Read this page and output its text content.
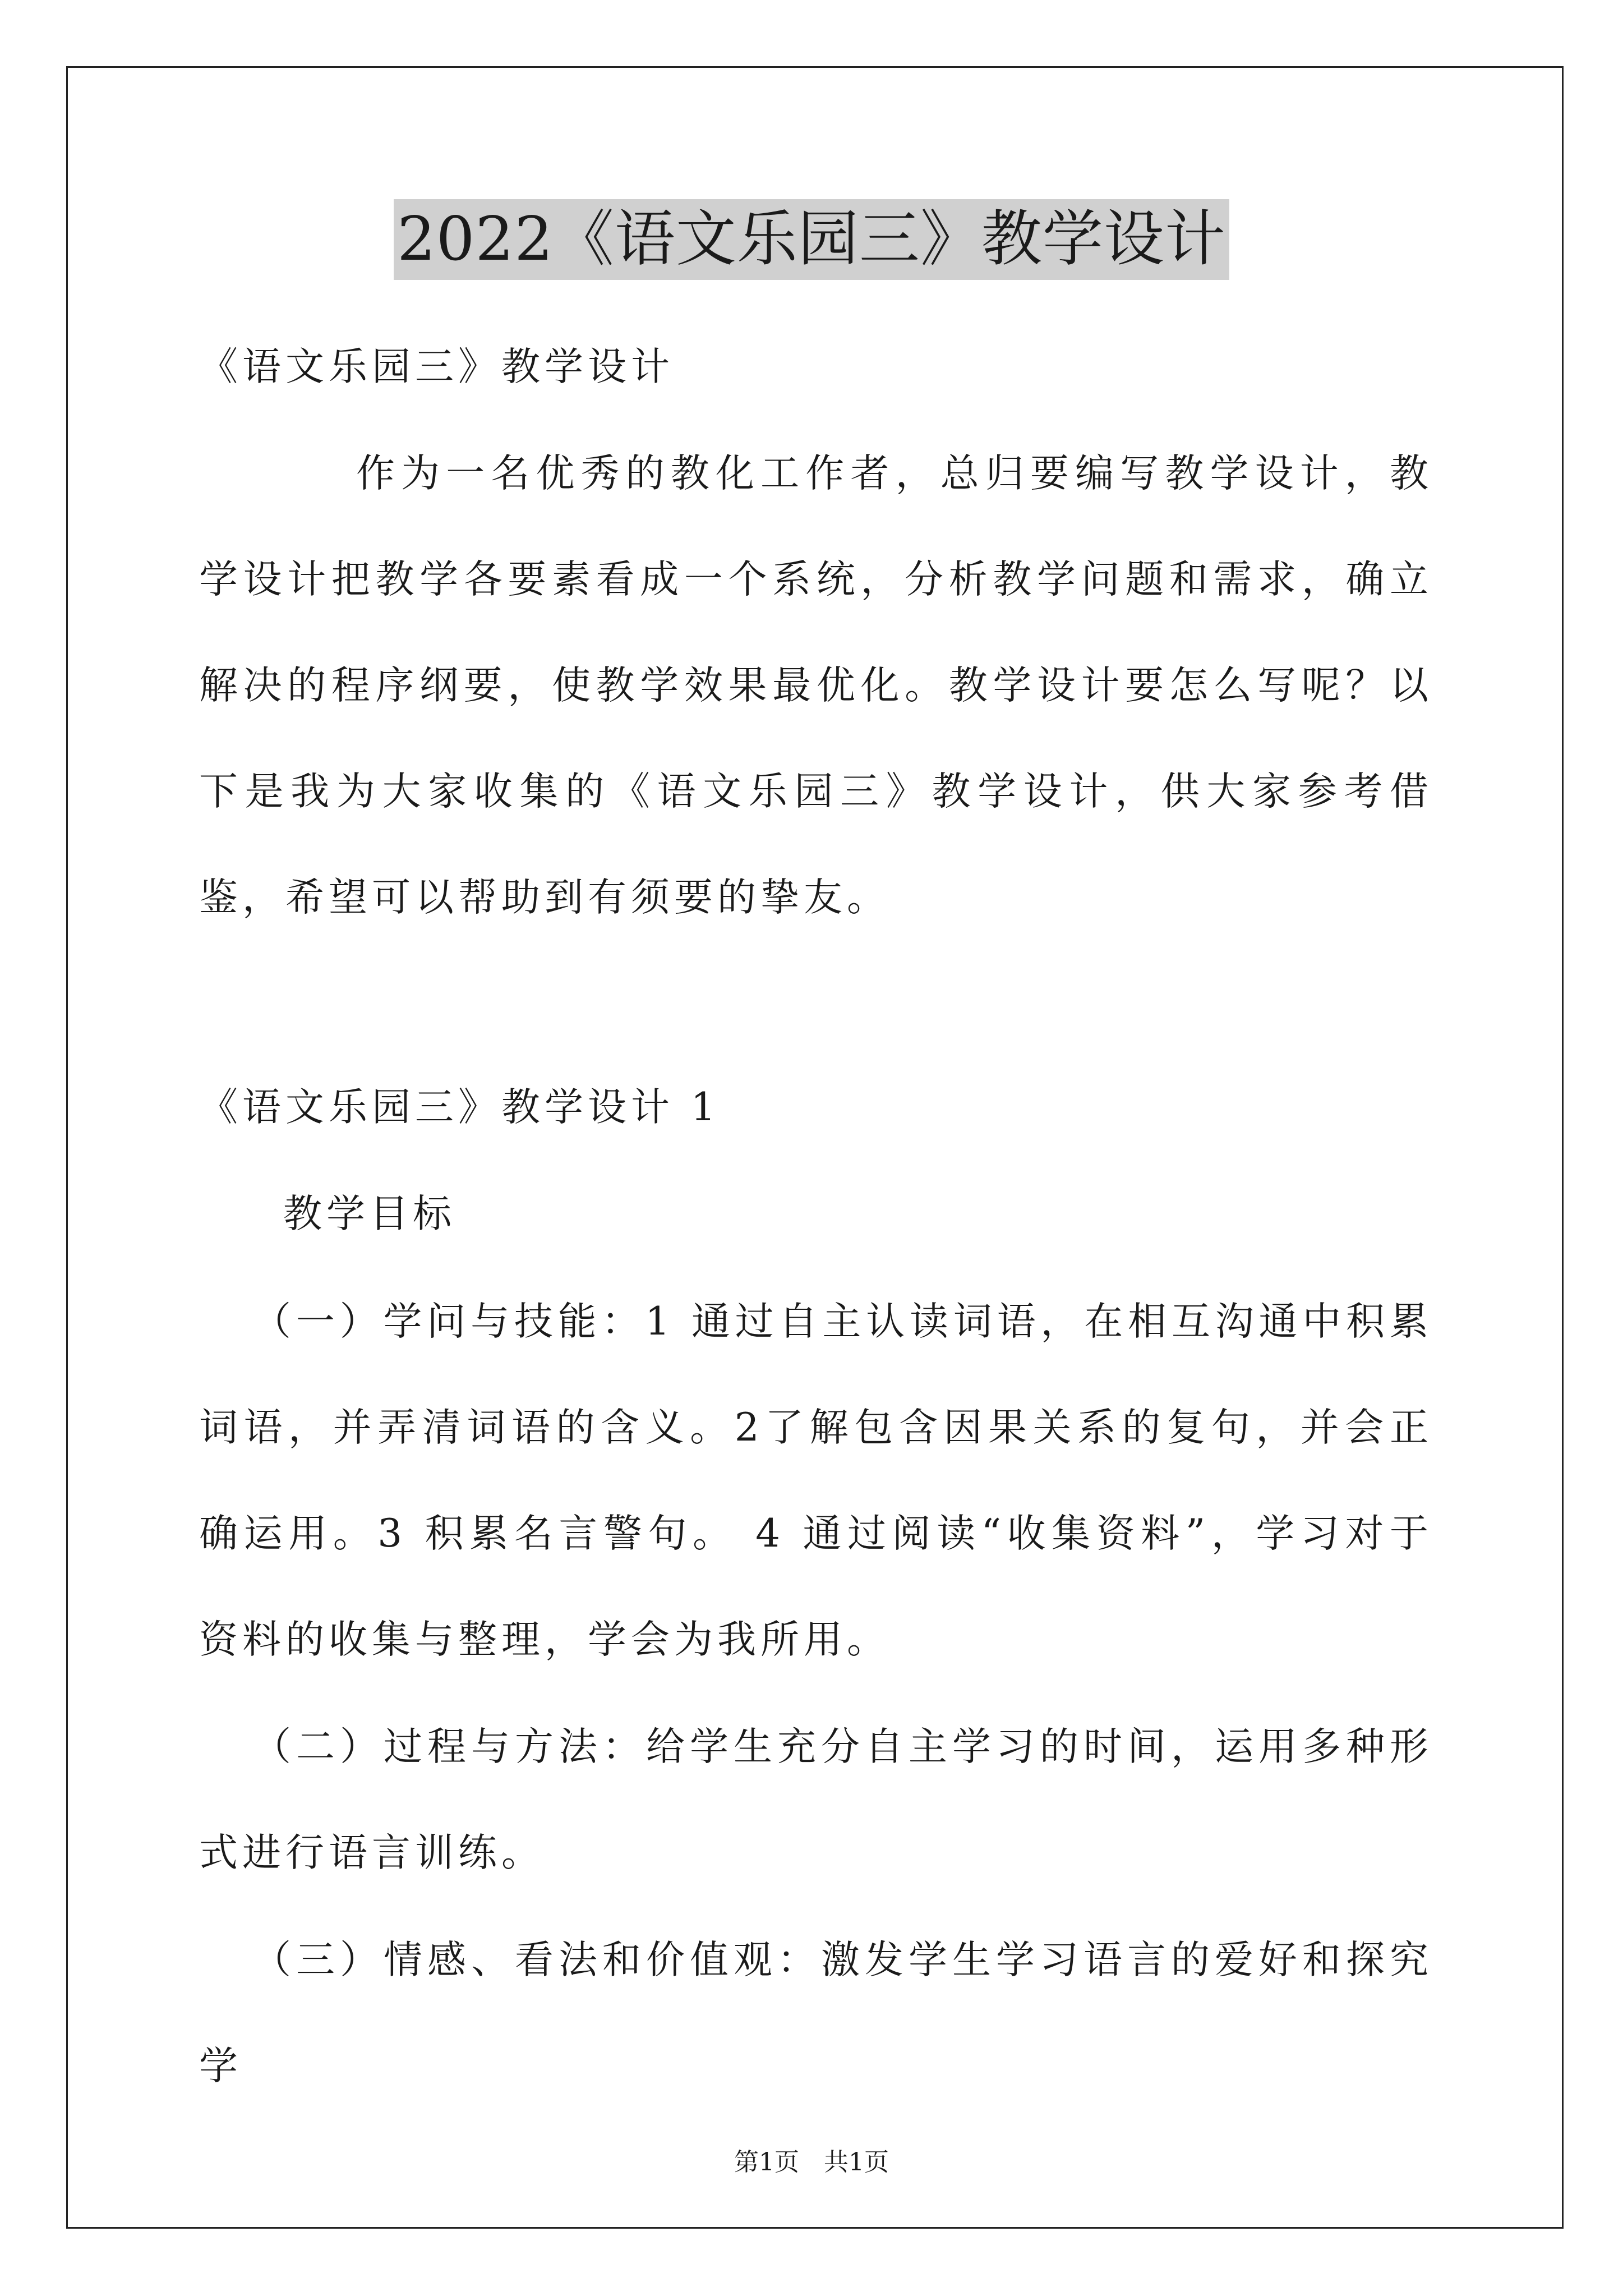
2022《语文乐园三》教学设计

《语文乐园三》教学设计

作为一名优秀的教化工作者，总归要编写教学设计，教学设计把教学各要素看成一个系统，分析教学问题和需求，确立解决的程序纲要，使教学效果最优化。教学设计要怎么写呢？以下是我为大家收集的《语文乐园三》教学设计，供大家参考借鉴，希望可以帮助到有须要的挚友。

《语文乐园三》教学设计 1

教学目标

（一）学问与技能：1 通过自主认读词语，在相互沟通中积累词语，并弄清词语的含义。2了解包含因果关系的复句，并会正确运用。3 积累名言警句。 4 通过阅读“收集资料”，学习对于资料的收集与整理，学会为我所用。

（二）过程与方法：给学生充分自主学习的时间，运用多种形式进行语言训练。

（三）情感、看法和价值观：激发学生学习语言的爱好和探究学

第1页　共1页
